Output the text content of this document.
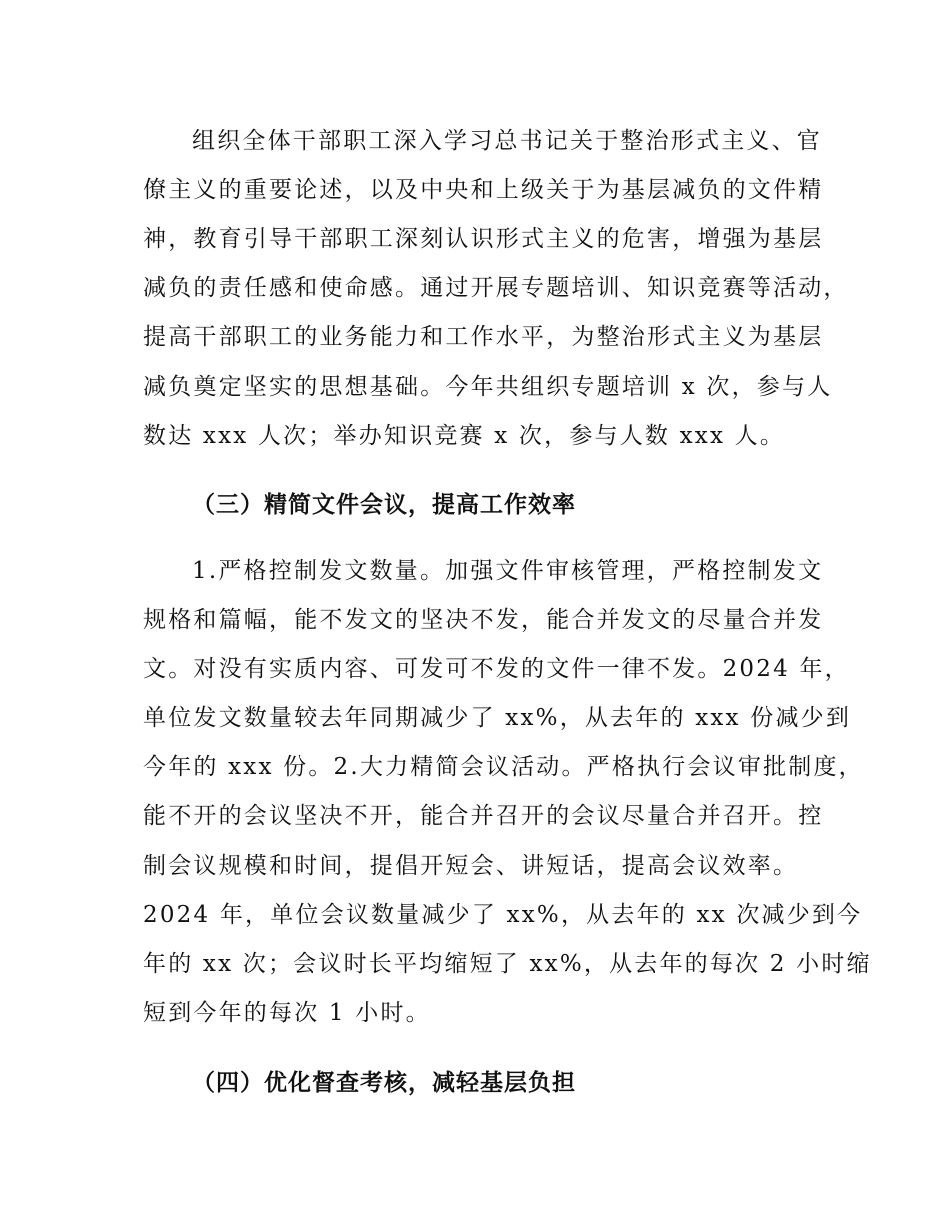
组织全体干部职工深入学习总书记关于整治形式主义、官
僚主义的重要论述，以及中央和上级关于为基层减负的文件精
神，教育引导干部职工深刻认识形式主义的危害，增强为基层
减负的责任感和使命感。通过开展专题培训、知识竞赛等活动，
提高干部职工的业务能力和工作水平，为整治形式主义为基层
减负奠定坚实的思想基础。今年共组织专题培训 x 次，参与人
数达 xxx 人次；举办知识竞赛 x 次，参与人数 xxx 人。
（三）精简文件会议，提高工作效率
1.严格控制发文数量。加强文件审核管理，严格控制发文
规格和篇幅，能不发文的坚决不发，能合并发文的尽量合并发
文。对没有实质内容、可发可不发的文件一律不发。2024 年，
单位发文数量较去年同期减少了 xx%，从去年的 xxx 份减少到
今年的 xxx 份。2.大力精简会议活动。严格执行会议审批制度，
能不开的会议坚决不开，能合并召开的会议尽量合并召开。控
制会议规模和时间，提倡开短会、讲短话，提高会议效率。
2024 年，单位会议数量减少了 xx%，从去年的 xx 次减少到今
年的 xx 次；会议时长平均缩短了 xx%，从去年的每次 2 小时缩
短到今年的每次 1 小时。
（四）优化督查考核，减轻基层负担
